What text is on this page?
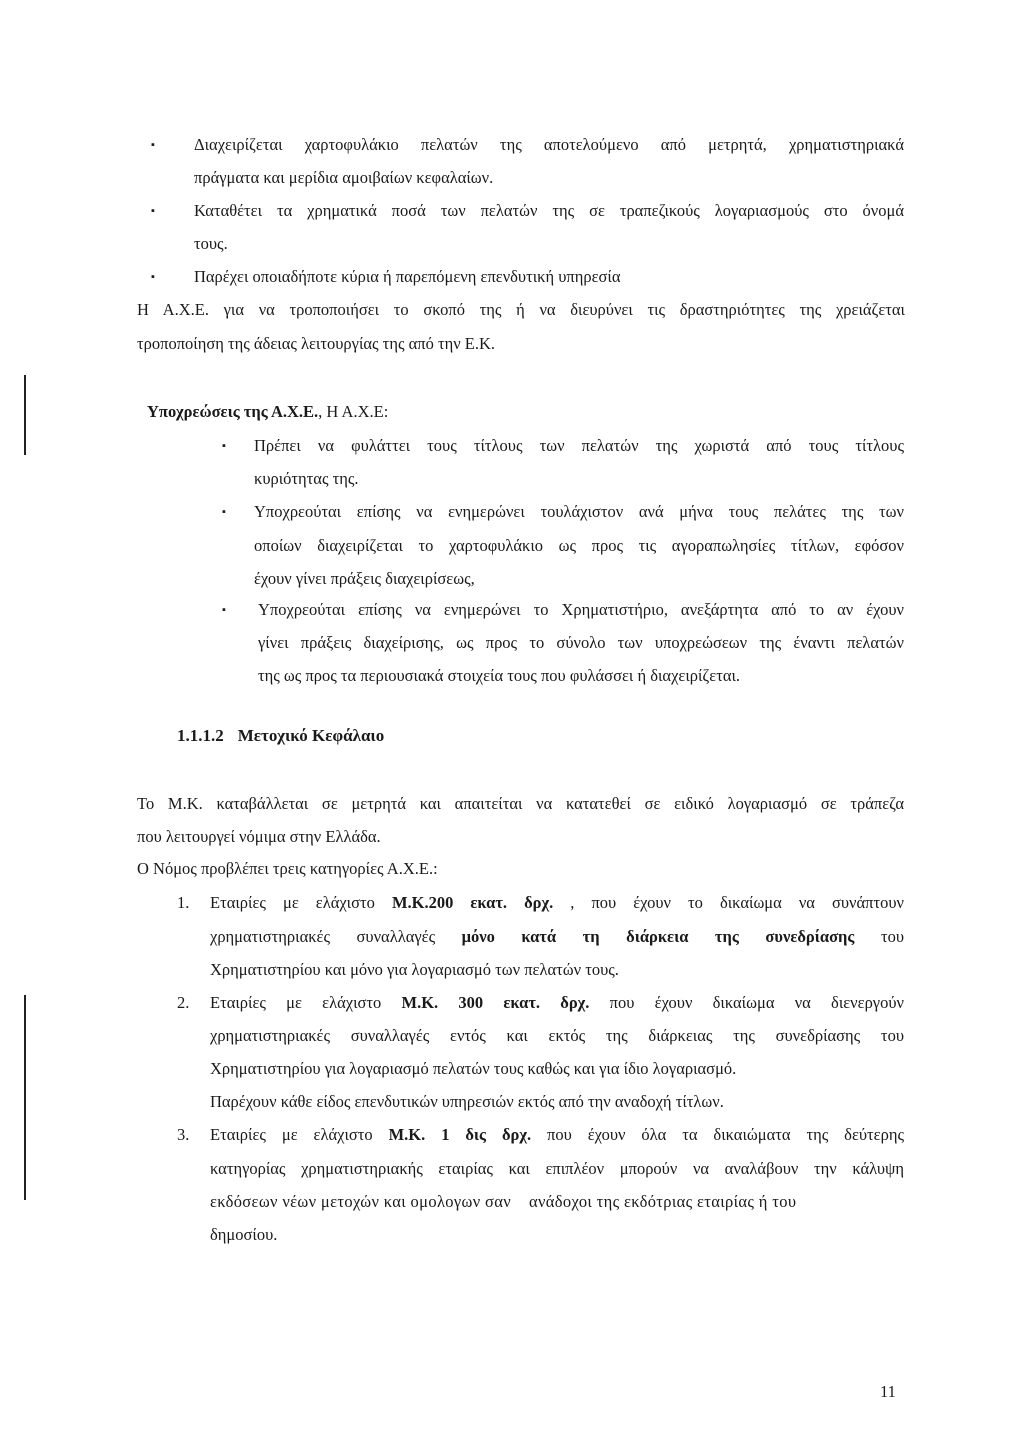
▪ Διαχειρίζεται χαρτοφυλάκιο πελατών της αποτελούμενο από μετρητά, χρηματιστηριακά
πράγματα και μερίδια αμοιβαίων κεφαλαίων.
▪ Καταθέτει τα χρηματικά ποσά των πελατών της σε τραπεζικούς λογαριασμούς στο όνομά
τους.
▪ Παρέχει οποιαδήποτε κύρια ή παρεπόμενη επενδυτική υπηρεσία
Η Α.Χ.Ε. για να τροποποιήσει το σκοπό της ή να διευρύνει τις δραστηριότητες της χρειάζεται
τροποποίηση της άδειας λειτουργίας της από την Ε.Κ.
Υποχρεώσεις της Α.Χ.Ε., Η Α.Χ.Ε:
▪ Πρέπει να φυλάττει τους τίτλους των πελατών της χωριστά από τους τίτλους
κυριότητας της.
▪ Υποχρεούται επίσης να ενημερώνει τουλάχιστον ανά μήνα τους πελάτες της των
οποίων διαχειρίζεται το χαρτοφυλάκιο ως προς τις αγοραπωλησίες τίτλων, εφόσον
έχουν γίνει πράξεις διαχειρίσεως,
▪ Υποχρεούται επίσης να ενημερώνει το Χρηματιστήριο, ανεξάρτητα από το αν έχουν
γίνει πράξεις διαχείρισης, ως προς το σύνολο των υποχρεώσεων της έναντι πελατών
της ως προς τα περιουσιακά στοιχεία τους που φυλάσσει ή διαχειρίζεται.
1.1.1.2 Μετοχικό Κεφάλαιο
Το Μ.Κ. καταβάλλεται σε μετρητά και απαιτείται να κατατεθεί σε ειδικό λογαριασμό σε τράπεζα
που λειτουργεί νόμιμα στην Ελλάδα.
Ο Νόμος προβλέπει τρεις κατηγορίες Α.Χ.Ε.:
1. Εταιρίες με ελάχιστο Μ.Κ.200 εκατ. δρχ. , που έχουν το δικαίωμα να συνάπτουν
χρηματιστηριακές συναλλαγές μόνο κατά τη διάρκεια της συνεδρίασης του
Χρηματιστηρίου και μόνο για λογαριασμό των πελατών τους.
2. Εταιρίες με ελάχιστο Μ.Κ. 300 εκατ. δρχ. που έχουν δικαίωμα να διενεργούν
χρηματιστηριακές συναλλαγές εντός και εκτός της διάρκειας της συνεδρίασης του
Χρηματιστηρίου για λογαριασμό πελατών τους καθώς και για ίδιο λογαριασμό.
Παρέχουν κάθε είδος επενδυτικών υπηρεσιών εκτός από την αναδοχή τίτλων.
3. Εταιρίες με ελάχιστο Μ.Κ. 1 δις δρχ. που έχουν όλα τα δικαιώματα της δεύτερης
κατηγορίας χρηματιστηριακής εταιρίας και επιπλέον μπορούν να αναλάβουν την κάλυψη
εκδόσεων νέων μετοχών και ομολογων σαν    ανάδοχοι της εκδότριας εταιρίας ή του
δημοσίου.
11
